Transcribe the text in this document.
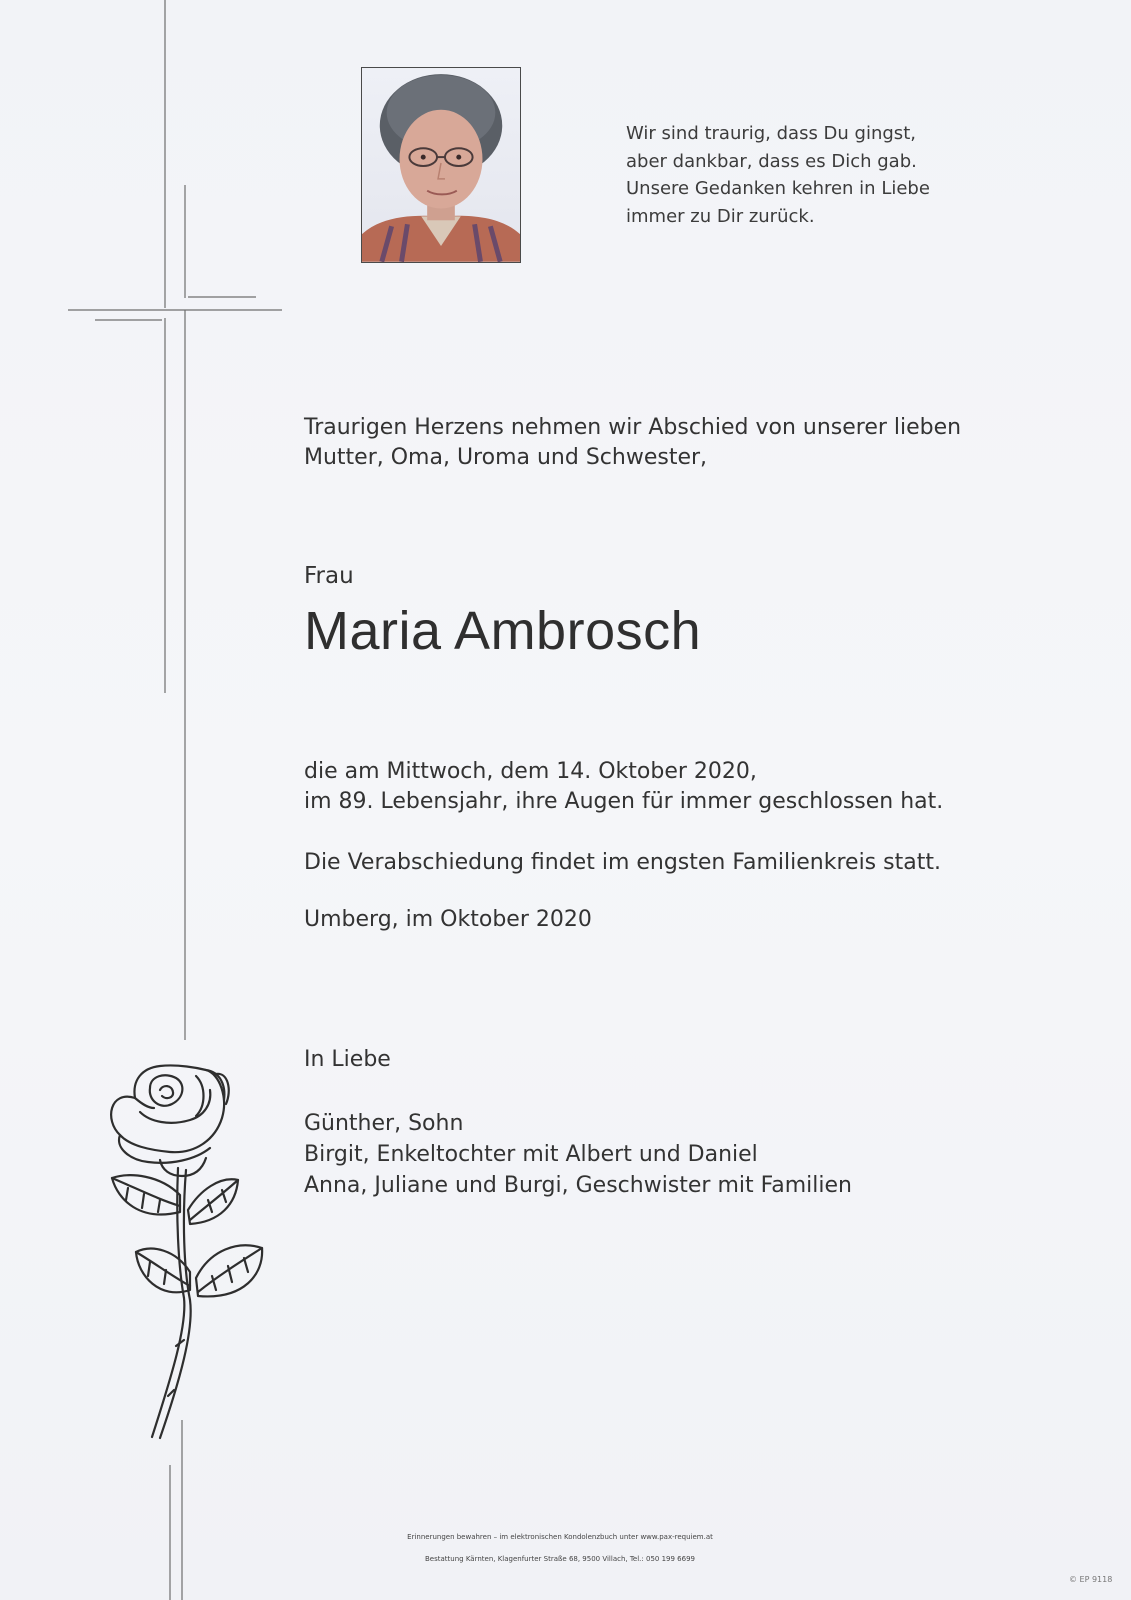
Wir sind traurig, dass Du gingst,
aber dankbar, dass es Dich gab.
Unsere Gedanken kehren in Liebe
immer zu Dir zurück.
Traurigen Herzens nehmen wir Abschied von unserer lieben
Mutter, Oma, Uroma und Schwester,
Frau
Maria Ambrosch
die am Mittwoch, dem 14. Oktober 2020,
im 89. Lebensjahr, ihre Augen für immer geschlossen hat.
Die Verabschiedung findet im engsten Familienkreis statt.
Umberg, im Oktober 2020
In Liebe
Günther, Sohn
Birgit, Enkeltochter mit Albert und Daniel
Anna, Juliane und Burgi, Geschwister mit Familien
Erinnerungen bewahren – im elektronischen Kondolenzbuch unter www.pax-requiem.at
Bestattung Kärnten, Klagenfurter Straße 68, 9500 Villach, Tel.: 050 199 6699
© EP 9118
